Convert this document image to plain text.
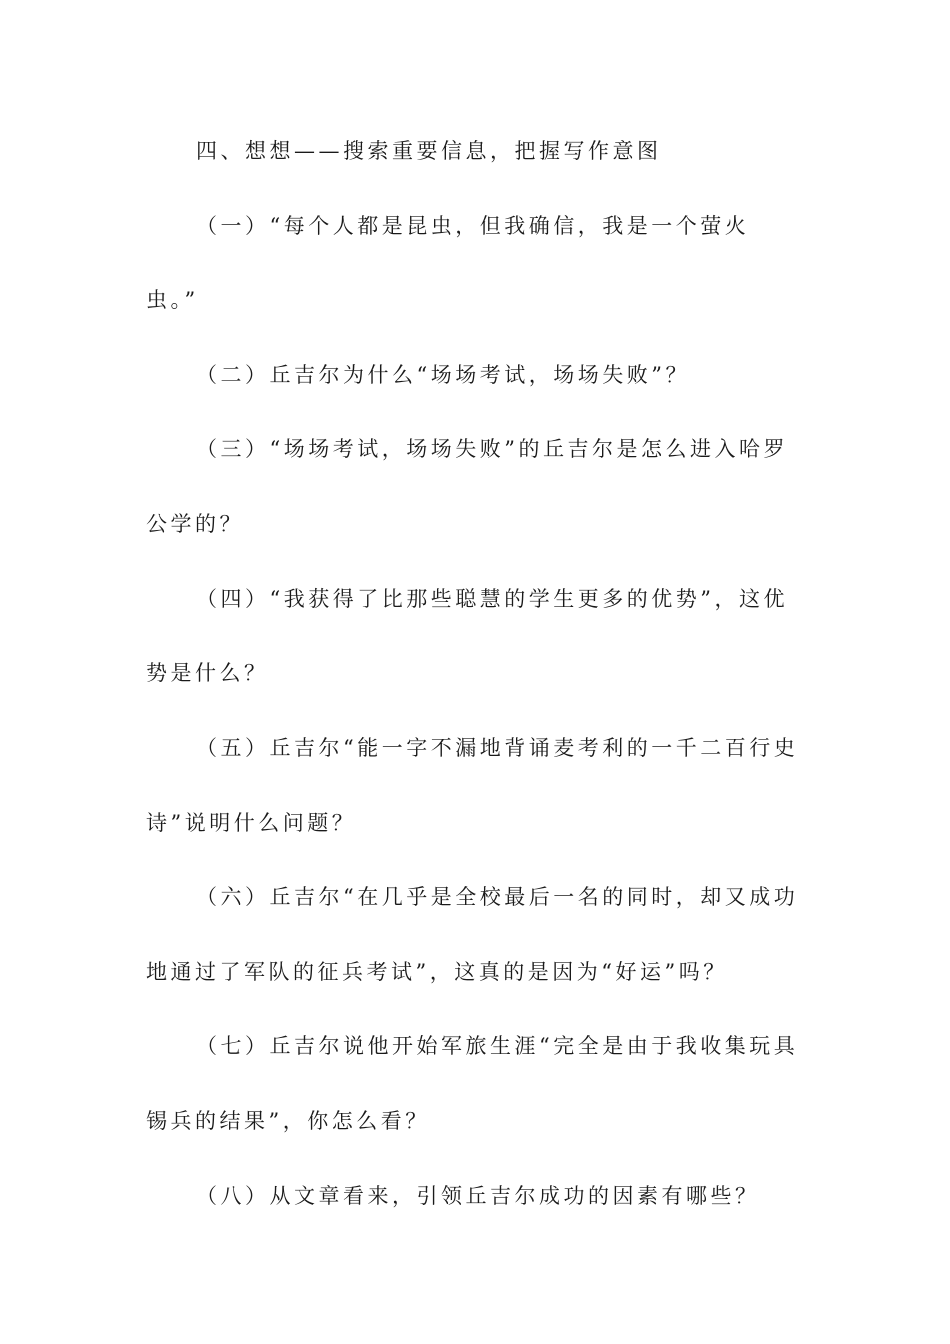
四、想想——搜索重要信息，把握写作意图
（一）“每个人都是昆虫，但我确信，我是一个萤火
虫。”
（二）丘吉尔为什么“场场考试，场场失败”？
（三）“场场考试，场场失败”的丘吉尔是怎么进入哈罗
公学的？
（四）“我获得了比那些聪慧的学生更多的优势”，这优
势是什么？
（五）丘吉尔“能一字不漏地背诵麦考利的一千二百行史
诗”说明什么问题？
（六）丘吉尔“在几乎是全校最后一名的同时，却又成功
地通过了军队的征兵考试”，这真的是因为“好运”吗？
（七）丘吉尔说他开始军旅生涯“完全是由于我收集玩具
锡兵的结果”，你怎么看？
（八）从文章看来，引领丘吉尔成功的因素有哪些？
